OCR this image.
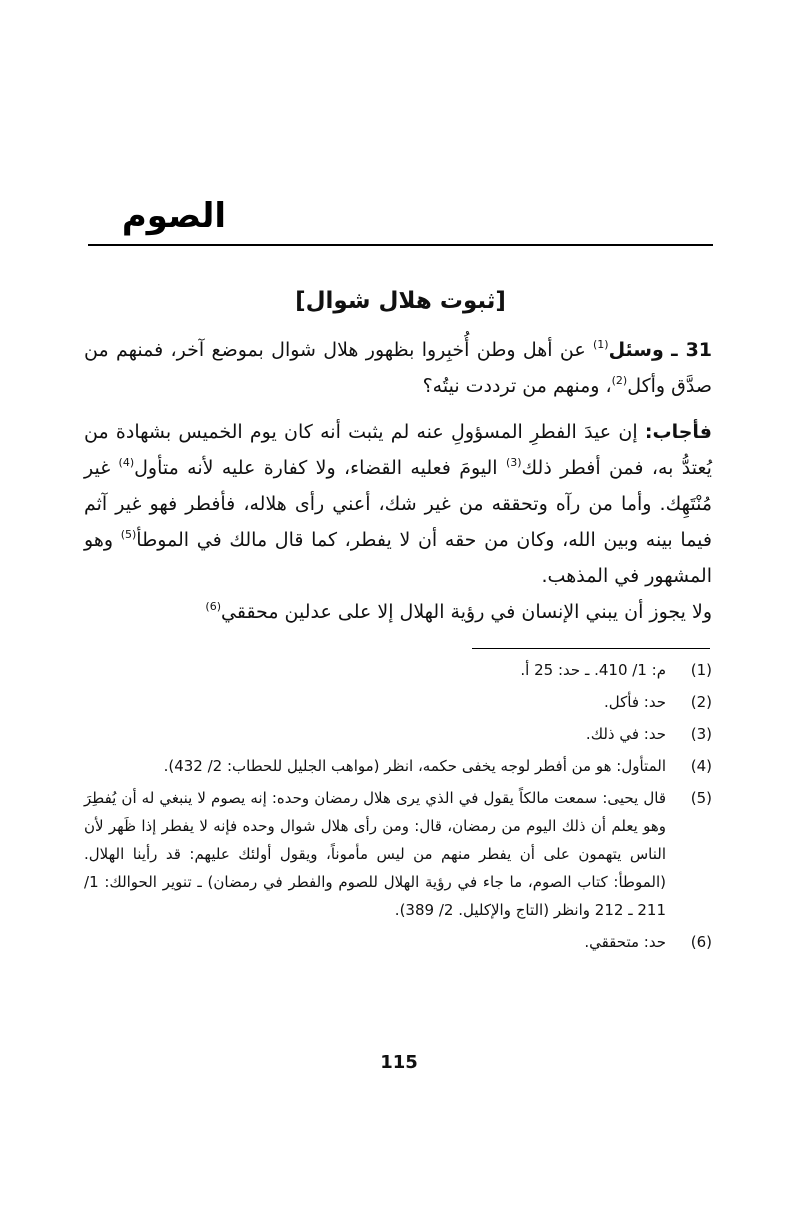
الصوم
[ثبوت هلال شوال]
31 ـ وسئل$^{(1)}$ عن أهل وطن أُخبِروا بظهور هلال شوال بموضع آخر، فمنهم من صدَّق وأكل$^{(2)}$، ومنهم من ترددت نيتُه؟
فأجاب: إن عيدَ الفطرِ المسؤولِ عنه لم يثبت أنه كان يوم الخميس بشهادة من يُعتدُّ به، فمن أفطر ذلك$^{(3)}$ اليومَ فعليه القضاء، ولا كفارة عليه لأنه متأول$^{(4)}$ غير مُنْتَهِك. وأما من رآه وتحققه من غير شك، أعني رأى هلاله، فأفطر فهو غير آثم فيما بينه وبين الله، وكان من حقه أن لا يفطر، كما قال مالك في الموطأ$^{(5)}$ وهو المشهور في المذهب.
ولا يجوز أن يبني الإنسان في رؤية الهلال إلا على عدلين محققي$^{(6)}$
(1)
م: 1/ 410. ـ حد: 25 أ.
(2)
حد: فأكل.
(3)
حد: في ذلك.
(4)
المتأول: هو من أفطر لوجه يخفى حكمه، انظر (مواهب الجليل للحطاب: 2/ 432).
(5)
قال يحيى: سمعت مالكاً يقول في الذي يرى هلال رمضان وحده: إنه يصوم لا ينبغي له أن يُفطِرَ وهو يعلم أن ذلك اليوم من رمضان، قال: ومن رأى هلال شوال وحده فإنه لا يفطر إذا ظَهر لأن الناس يتهمون على أن يفطر منهم من ليس مأموناً، ويقول أولئك عليهم: قد رأينا الهلال. (الموطأ: كتاب الصوم، ما جاء في رؤية الهلال للصوم والفطر في رمضان) ـ تنوير الحوالك: 1/ 211 ـ 212 وانظر (التاج والإكليل. 2/ 389).
(6)
حد: متحققي.
115
